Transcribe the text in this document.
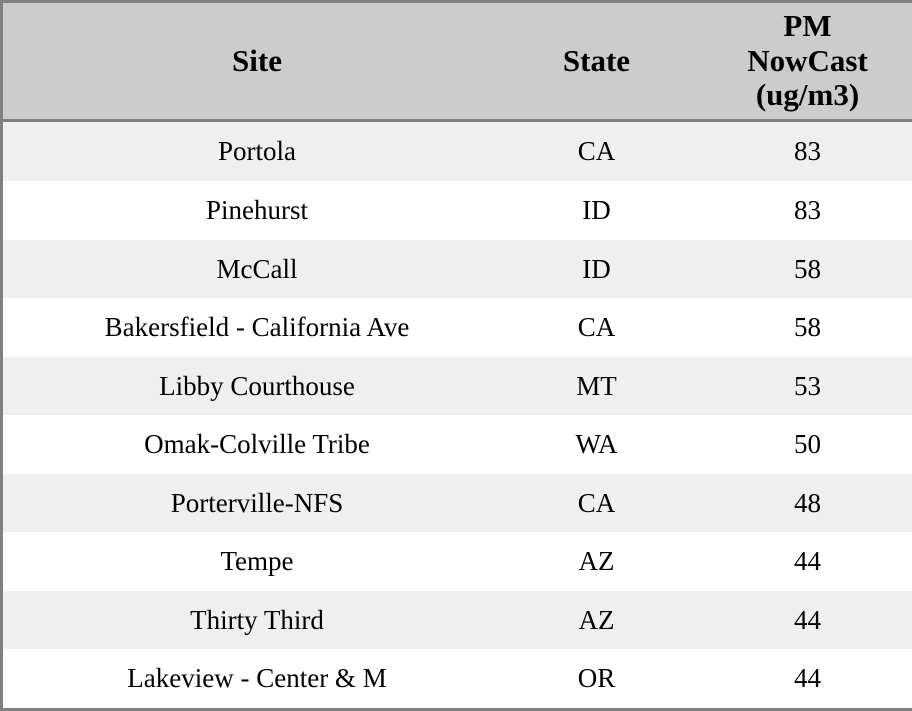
Site	State	PM
NowCast
(ug/m3)
Portola	CA	83
Pinehurst	ID	83
McCall	ID	58
Bakersfield - California Ave	CA	58
Libby Courthouse	MT	53
Omak-Colville Tribe	WA	50
Porterville-NFS	CA	48
Tempe	AZ	44
Thirty Third	AZ	44
Lakeview - Center & M	OR	44
